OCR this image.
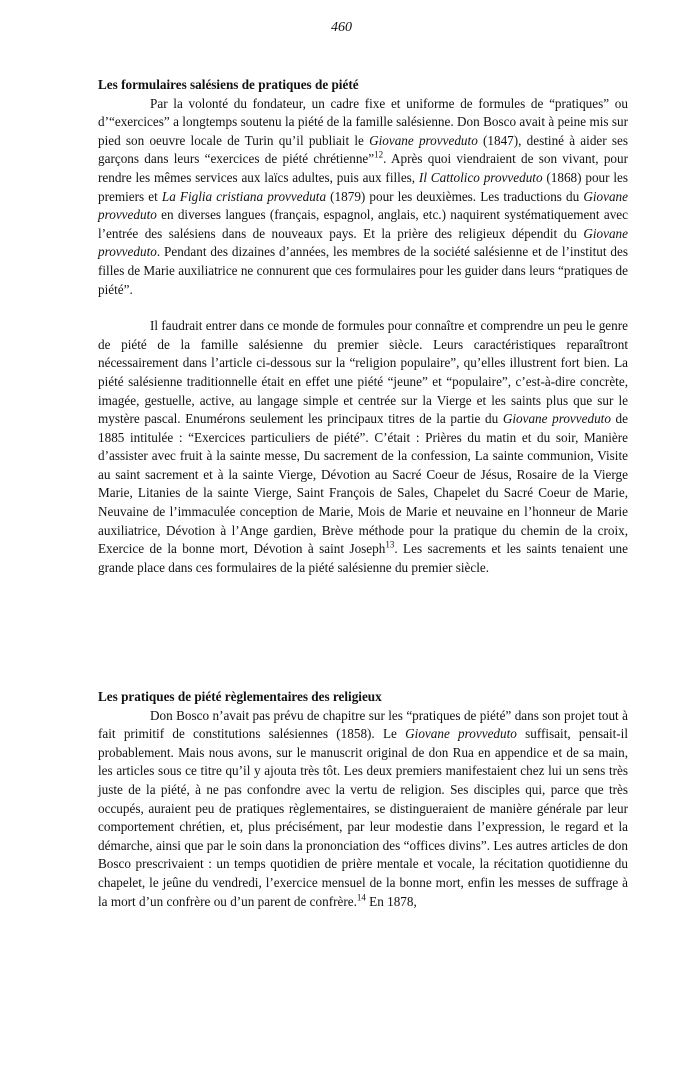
460
Les formulaires salésiens de pratiques de piété

Par la volonté du fondateur, un cadre fixe et uniforme de formules de “pratiques” ou d’“exercices” a longtemps soutenu la piété de la famille salésienne. Don Bosco avait à peine mis sur pied son oeuvre locale de Turin qu’il publiait le Giovane provveduto (1847), destiné à aider ses garçons dans leurs “exercices de piété chrétienne”$^{12}$. Après quoi viendraient de son vivant, pour rendre les mêmes services aux laïcs adultes, puis aux filles, Il Cattolico provveduto (1868) pour les premiers et La Figlia cristiana provveduta (1879) pour les deuxièmes. Les traductions du Giovane provveduto en diverses langues (français, espagnol, anglais, etc.) naquirent systématiquement avec l’entrée des salésiens dans de nouveaux pays. Et la prière des religieux dépendit du Giovane provveduto. Pendant des dizaines d’années, les membres de la société salésienne et de l’institut des filles de Marie auxiliatrice ne connurent que ces formulaires pour les guider dans leurs “pratiques de piété”.

Il faudrait entrer dans ce monde de formules pour connaître et comprendre un peu le genre de piété de la famille salésienne du premier siècle. Leurs caractéristiques reparaîtront nécessairement dans l’article ci-dessous sur la “religion populaire”, qu’elles illustrent fort bien. La piété salésienne traditionnelle était en effet une piété “jeune” et “populaire”, c’est-à-dire concrète, imagée, gestuelle, active, au langage simple et centrée sur la Vierge et les saints plus que sur le mystère pascal. Enumérons seulement les principaux titres de la partie du Giovane provveduto de 1885 intitulée : “Exercices particuliers de piété”. C’était : Prières du matin et du soir, Manière d’assister avec fruit à la sainte messe, Du sacrement de la confession, La sainte communion, Visite au saint sacrement et à la sainte Vierge, Dévotion au Sacré Coeur de Jésus, Rosaire de la Vierge Marie, Litanies de la sainte Vierge, Saint François de Sales, Chapelet du Sacré Coeur de Marie, Neuvaine de l’immaculée conception de Marie, Mois de Marie et neuvaine en l’honneur de Marie auxiliatrice, Dévotion à l’Ange gardien, Brève méthode pour la pratique du chemin de la croix, Exercice de la bonne mort, Dévotion à saint Joseph$^{13}$. Les sacrements et les saints tenaient une grande place dans ces formulaires de la piété salésienne du premier siècle.

Les pratiques de piété règlementaires des religieux

Don Bosco n’avait pas prévu de chapitre sur les “pratiques de piété” dans son projet tout à fait primitif de constitutions salésiennes (1858). Le Giovane provveduto suffisait, pensait-il probablement. Mais nous avons, sur le manuscrit original de don Rua en appendice et de sa main, les articles sous ce titre qu’il y ajouta très tôt. Les deux premiers manifestaient chez lui un sens très juste de la piété, à ne pas confondre avec la vertu de religion. Ses disciples qui, parce que très occupés, auraient peu de pratiques règlementaires, se distingueraient de manière générale par leur comportement chrétien, et, plus précisément, par leur modestie dans l’expression, le regard et la démarche, ainsi que par le soin dans la prononciation des “offices divins”. Les autres articles de don Bosco prescrivaient : un temps quotidien de prière mentale et vocale, la récitation quotidienne du chapelet, le jeûne du vendredi, l’exercice mensuel de la bonne mort, enfin les messes de suffrage à la mort d’un confrère ou d’un parent de confrère.$^{14}$ En 1878,
